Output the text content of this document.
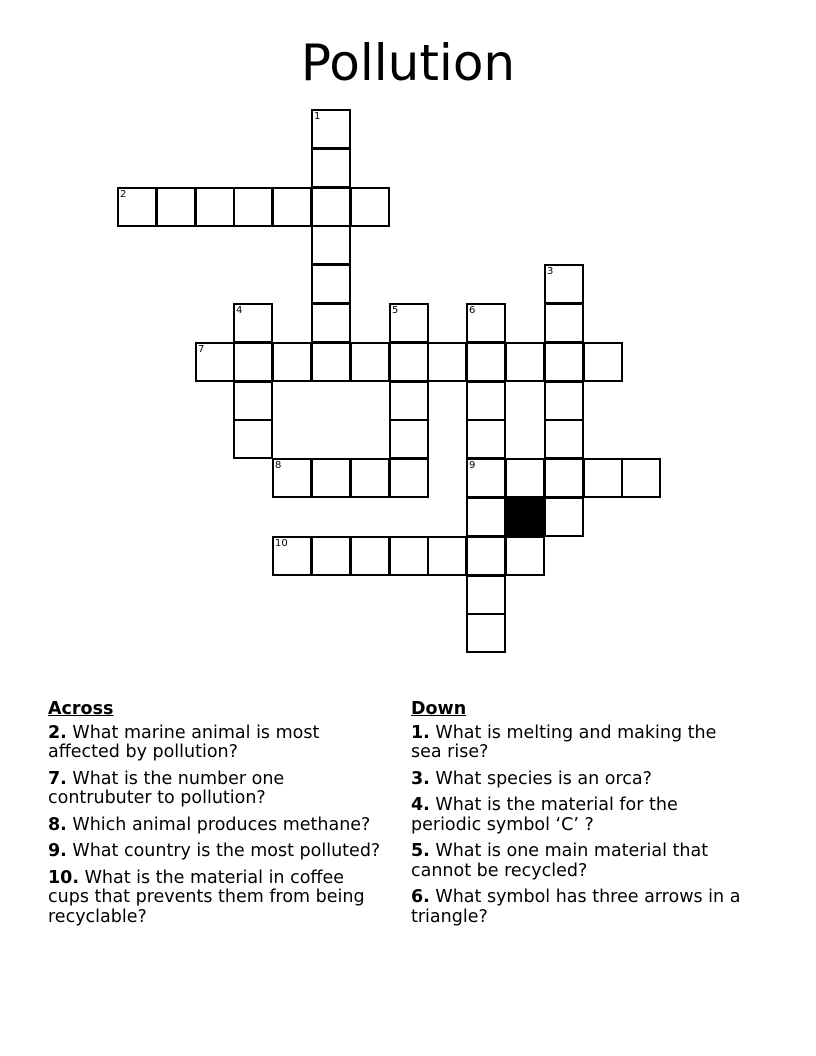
Pollution
1
2
3
4	5	6
7
8	9
10
Across
2. What marine animal is most affected by pollution?
7. What is the number one contrubuter to pollution?
8. Which animal produces methane?
9. What country is the most polluted?
10. What is the material in coffee cups that prevents them from being recyclable?
Down
1. What is melting and making the sea rise?
3. What species is an orca?
4. What is the material for the periodic symbol ‘C’ ?
5. What is one main material that cannot be recycled?
6. What symbol has three arrows in a triangle?
